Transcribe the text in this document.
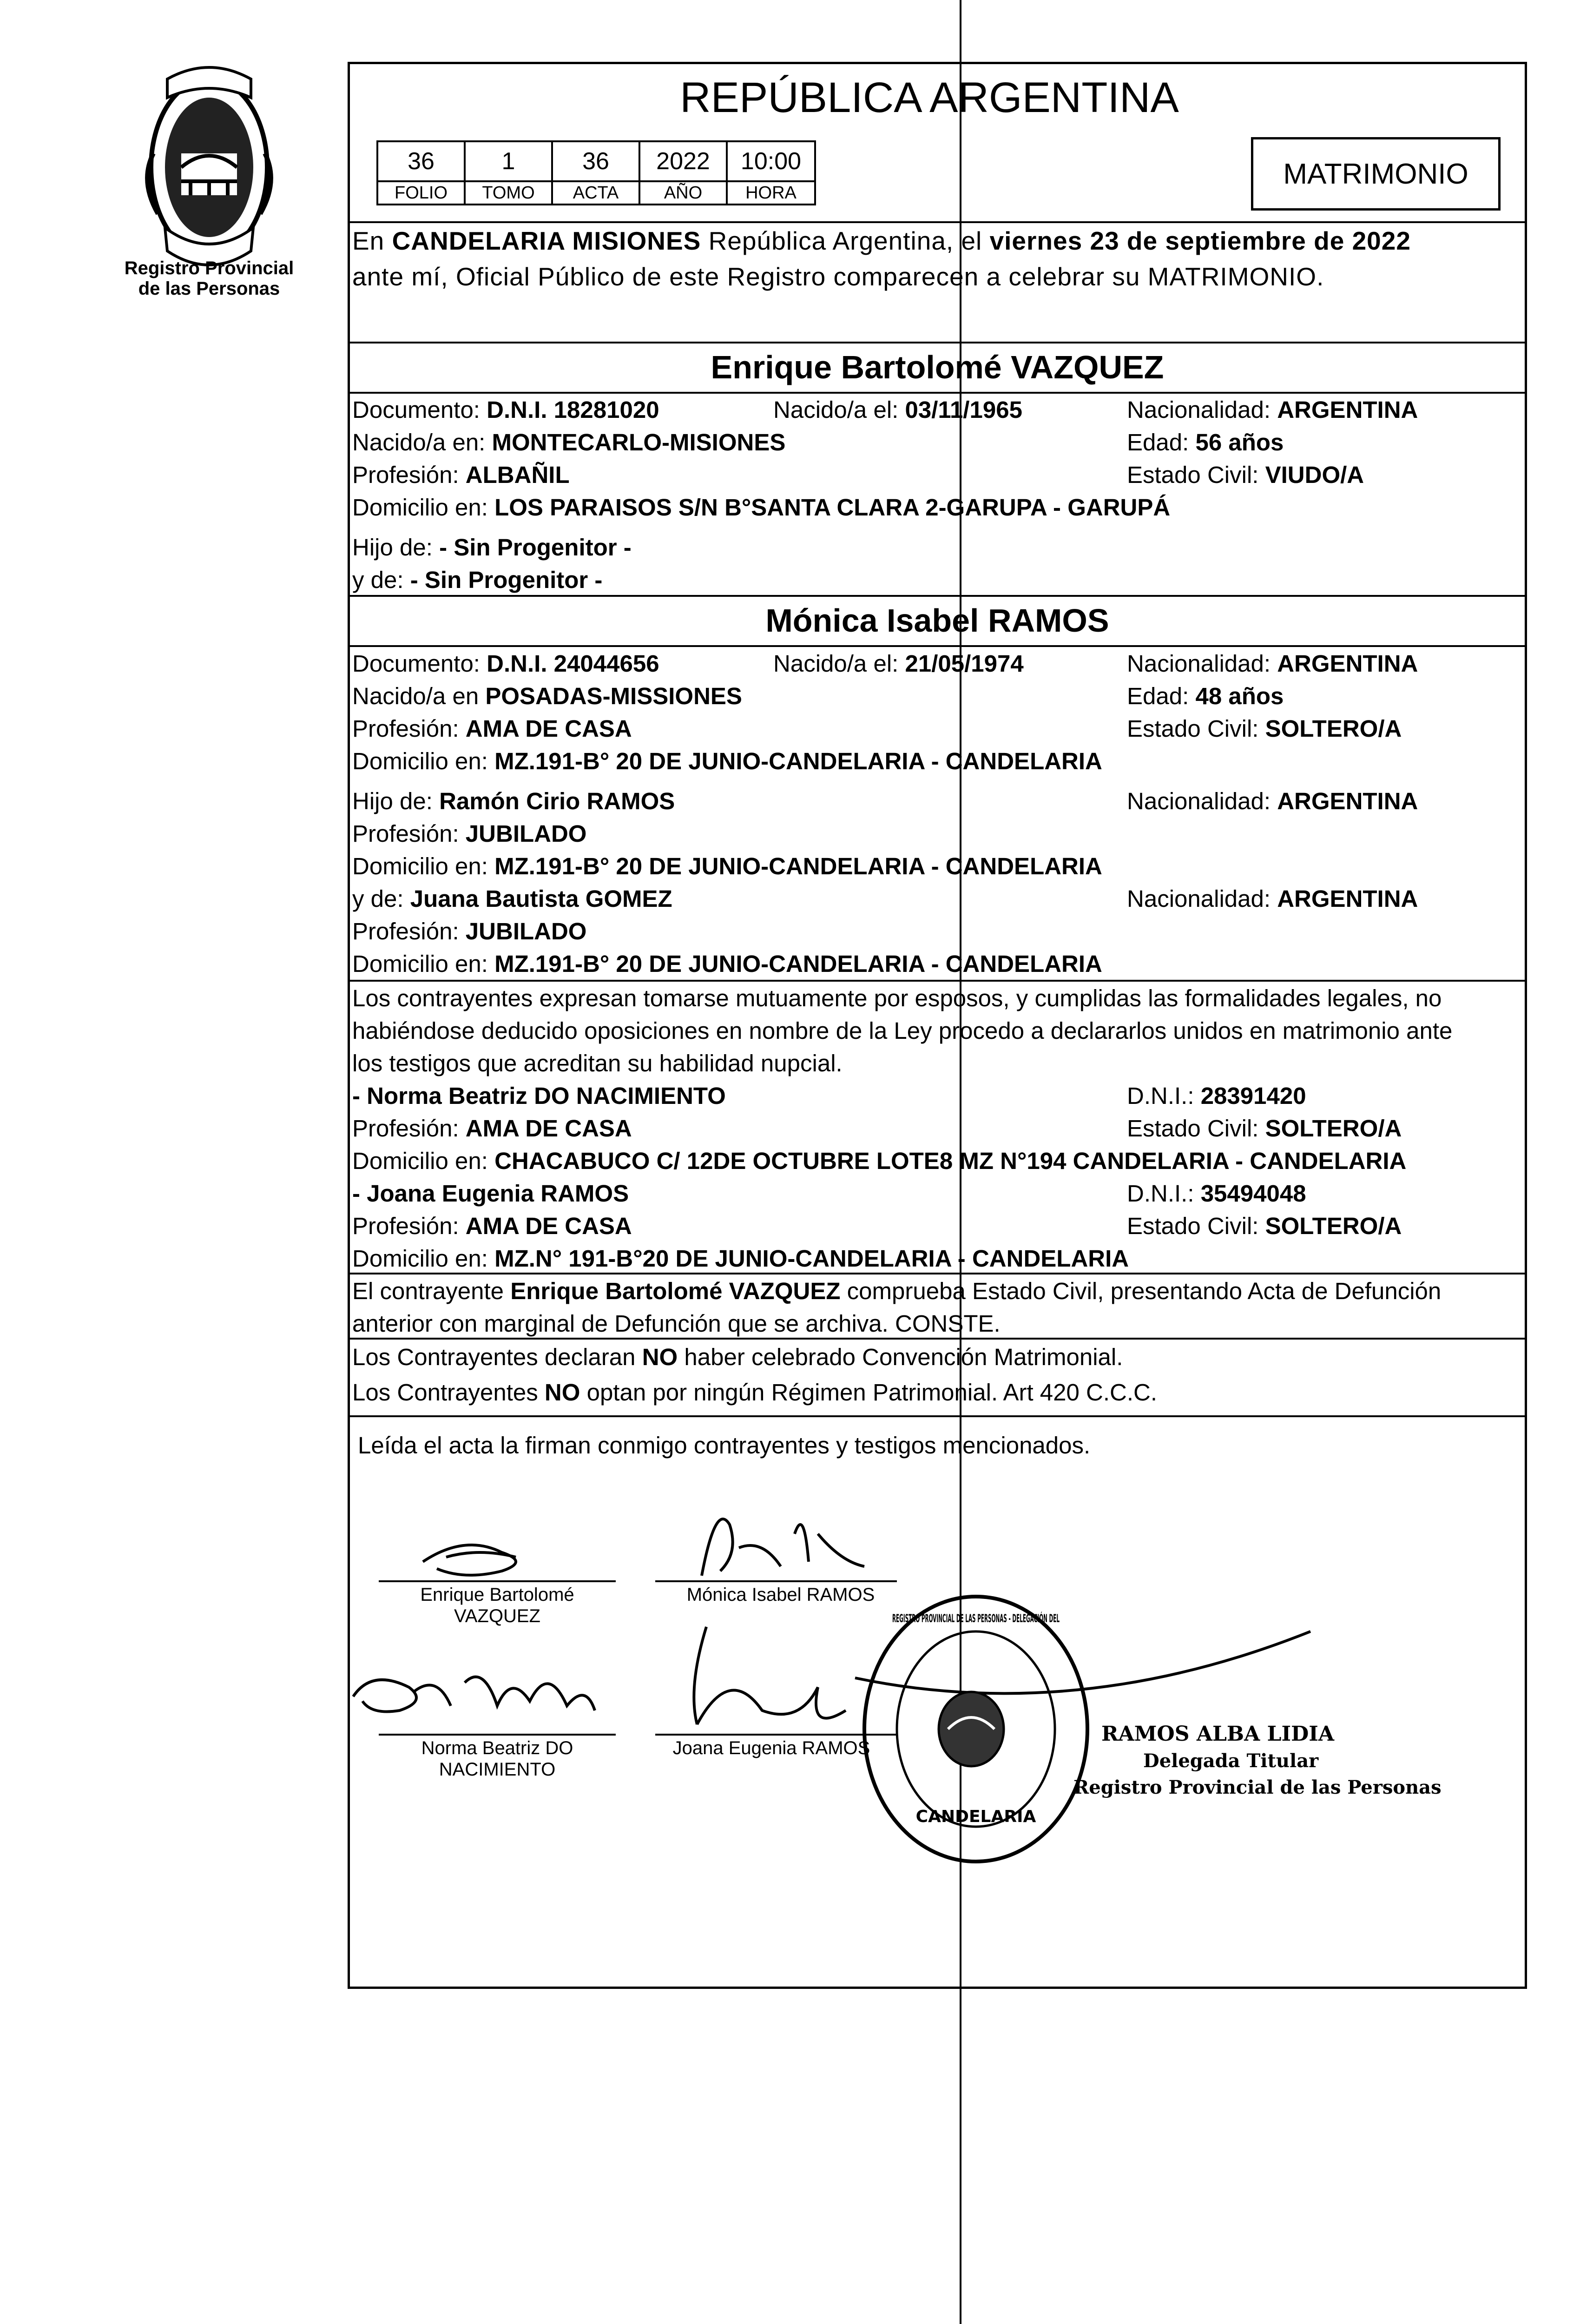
Registro Provincial
de las Personas
REPÚBLICA ARGENTINA
36	1	36	2022	10:00
FOLIO	TOMO	ACTA	AÑO	HORA
MATRIMONIO
En CANDELARIA MISIONES República Argentina, el viernes 23 de septiembre de 2022
ante mí, Oficial Público de este Registro comparecen a celebrar su MATRIMONIO.
Enrique Bartolomé VAZQUEZ
Documento: D.N.I. 18281020	Nacido/a el: 03/11/1965	Nacionalidad: ARGENTINA
Nacido/a en: MONTECARLO-MISIONES	Edad: 56 años
Profesión: ALBAÑIL	Estado Civil: VIUDO/A
Domicilio en: LOS PARAISOS S/N B°SANTA CLARA 2-GARUPA - GARUPÁ
Hijo de: - Sin Progenitor -
y de: - Sin Progenitor -
Mónica Isabel RAMOS
Documento: D.N.I. 24044656	Nacido/a el: 21/05/1974	Nacionalidad: ARGENTINA
Nacido/a en POSADAS-MISSIONES	Edad: 48 años
Profesión: AMA DE CASA	Estado Civil: SOLTERO/A
Domicilio en: MZ.191-B° 20 DE JUNIO-CANDELARIA - CANDELARIA
Hijo de: Ramón Cirio RAMOS	Nacionalidad: ARGENTINA
Profesión: JUBILADO
Domicilio en: MZ.191-B° 20 DE JUNIO-CANDELARIA - CANDELARIA
y de: Juana Bautista GOMEZ	Nacionalidad: ARGENTINA
Profesión: JUBILADO
Domicilio en: MZ.191-B° 20 DE JUNIO-CANDELARIA - CANDELARIA
Los contrayentes expresan tomarse mutuamente por esposos, y cumplidas las formalidades legales, no
habiéndose deducido oposiciones en nombre de la Ley procedo a declararlos unidos en matrimonio ante
los testigos que acreditan su habilidad nupcial.
- Norma Beatriz DO NACIMIENTO	D.N.I.: 28391420
Profesión: AMA DE CASA	Estado Civil: SOLTERO/A
Domicilio en: CHACABUCO C/ 12DE OCTUBRE LOTE8 MZ N°194 CANDELARIA - CANDELARIA
- Joana Eugenia RAMOS	D.N.I.: 35494048
Profesión: AMA DE CASA	Estado Civil: SOLTERO/A
Domicilio en: MZ.N° 191-B°20 DE JUNIO-CANDELARIA - CANDELARIA
El contrayente Enrique Bartolomé VAZQUEZ comprueba Estado Civil, presentando Acta de Defunción
anterior con marginal de Defunción que se archiva. CONSTE.
Los Contrayentes declaran NO haber celebrado Convención Matrimonial.
Los Contrayentes NO optan por ningún Régimen Patrimonial. Art 420 C.C.C.
Leída el acta la firman conmigo contrayentes y testigos mencionados.
Enrique Bartolomé
VAZQUEZ
Mónica Isabel RAMOS
Norma Beatriz DO
NACIMIENTO
Joana Eugenia RAMOS
CANDELARIA
REGISTRO PROVINCIAL DE LAS PERSONAS - DELEGACIÓN DEL
RAMOS ALBA LIDIA
Delegada Titular
Registro Provincial de las Personas
